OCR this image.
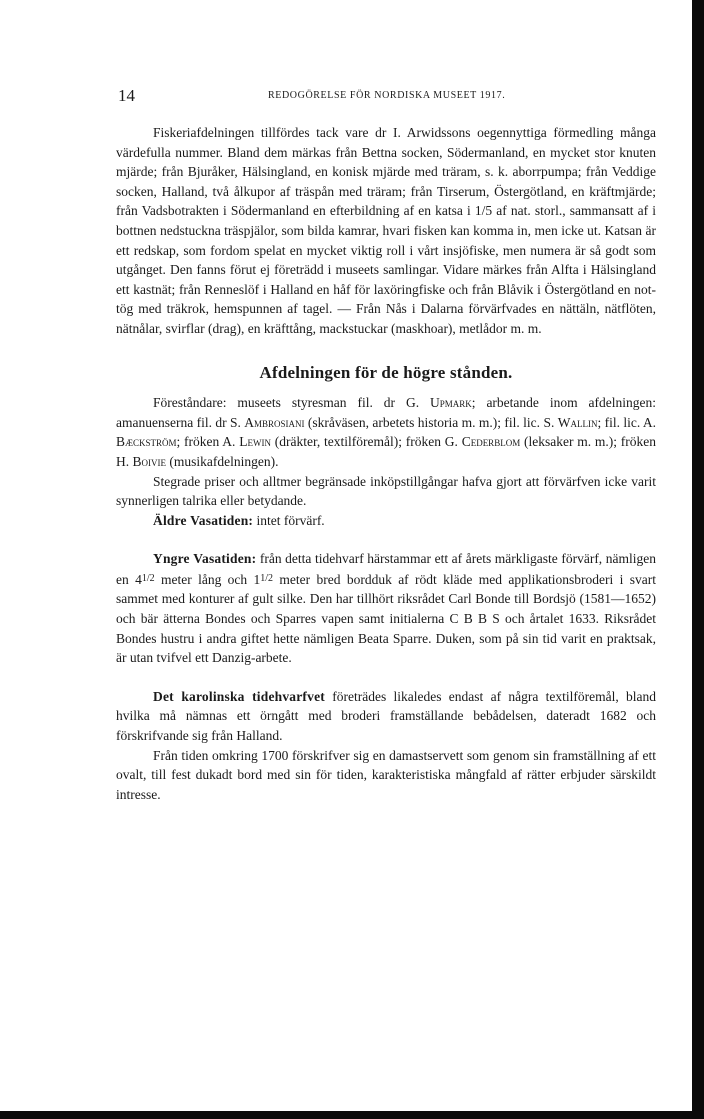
14	REDOGÖRELSE FÖR NORDISKA MUSEET 1917.

Fiskeriafdelningen tillfördes tack vare dr I. Arwidssons oegennyttiga förmedling många värdefulla nummer. Bland dem märkas från Bettna socken, Södermanland, en mycket stor knuten mjärde; från Bjuråker, Hälsingland, en konisk mjärde med träram, s. k. aborrpumpa; från Veddige socken, Halland, två ålkupor af träspån med träram; från Tirserum, Östergötland, en kräftmjärde; från Vadsbotrakten i Södermanland en efterbildning af en katsa i 1/5 af nat. storl., sammansatt af i bottnen nedstuckna träspjälor, som bilda kamrar, hvari fisken kan komma in, men icke ut. Katsan är ett redskap, som fordom spelat en mycket viktig roll i vårt insjöfiske, men numera är så godt som utgånget. Den fanns förut ej företrädd i museets samlingar. Vidare märkes från Alfta i Hälsingland ett kastnät; från Renneslöf i Halland en håf för laxöringfiske och från Blåvik i Östergötland en not-tög med träkrok, hemspunnen af tagel. — Från Nås i Dalarna förvärfvades en nättäln, nätflöten, nätnålar, svirflar (drag), en kräfttång, mackstuckar (maskhoar), metlådor m. m.

Afdelningen för de högre stånden.

Föreståndare: museets styresman fil. dr G. Upmark; arbetande inom afdelningen: amanuenserna fil. dr S. Ambrosiani (skråväsen, arbetets historia m. m.); fil. lic. S. Wallin; fil. lic. A. Bæckström; fröken A. Lewin (dräkter, textilföremål); fröken G. Cederblom (leksaker m. m.); fröken H. Boivie (musikafdelningen).

Stegrade priser och alltmer begränsade inköpstillgångar hafva gjort att förvärfven icke varit synnerligen talrika eller betydande.

Äldre Vasatiden: intet förvärf.

Yngre Vasatiden: från detta tidehvarf härstammar ett af årets märkligaste förvärf, nämligen en $4^{1/2}$ meter lång och $1^{1/2}$ meter bred bordduk af rödt kläde med applikationsbroderi i svart sammet med konturer af gult silke. Den har tillhört riksrådet Carl Bonde till Bordsjö (1581—1652) och bär ätterna Bondes och Sparres vapen samt initialerna C B B S och årtalet 1633. Riksrådet Bondes hustru i andra giftet hette nämligen Beata Sparre. Duken, som på sin tid varit en praktsak, är utan tvifvel ett Danzig-arbete.

Det karolinska tidehvarfvet företrädes likaledes endast af några textilföremål, bland hvilka må nämnas ett örngått med broderi framställande bebådelsen, dateradt 1682 och förskrifvande sig från Halland.

Från tiden omkring 1700 förskrifver sig en damastservett som genom sin framställning af ett ovalt, till fest dukadt bord med sin för tiden, karakteristiska mångfald af rätter erbjuder särskildt intresse.
